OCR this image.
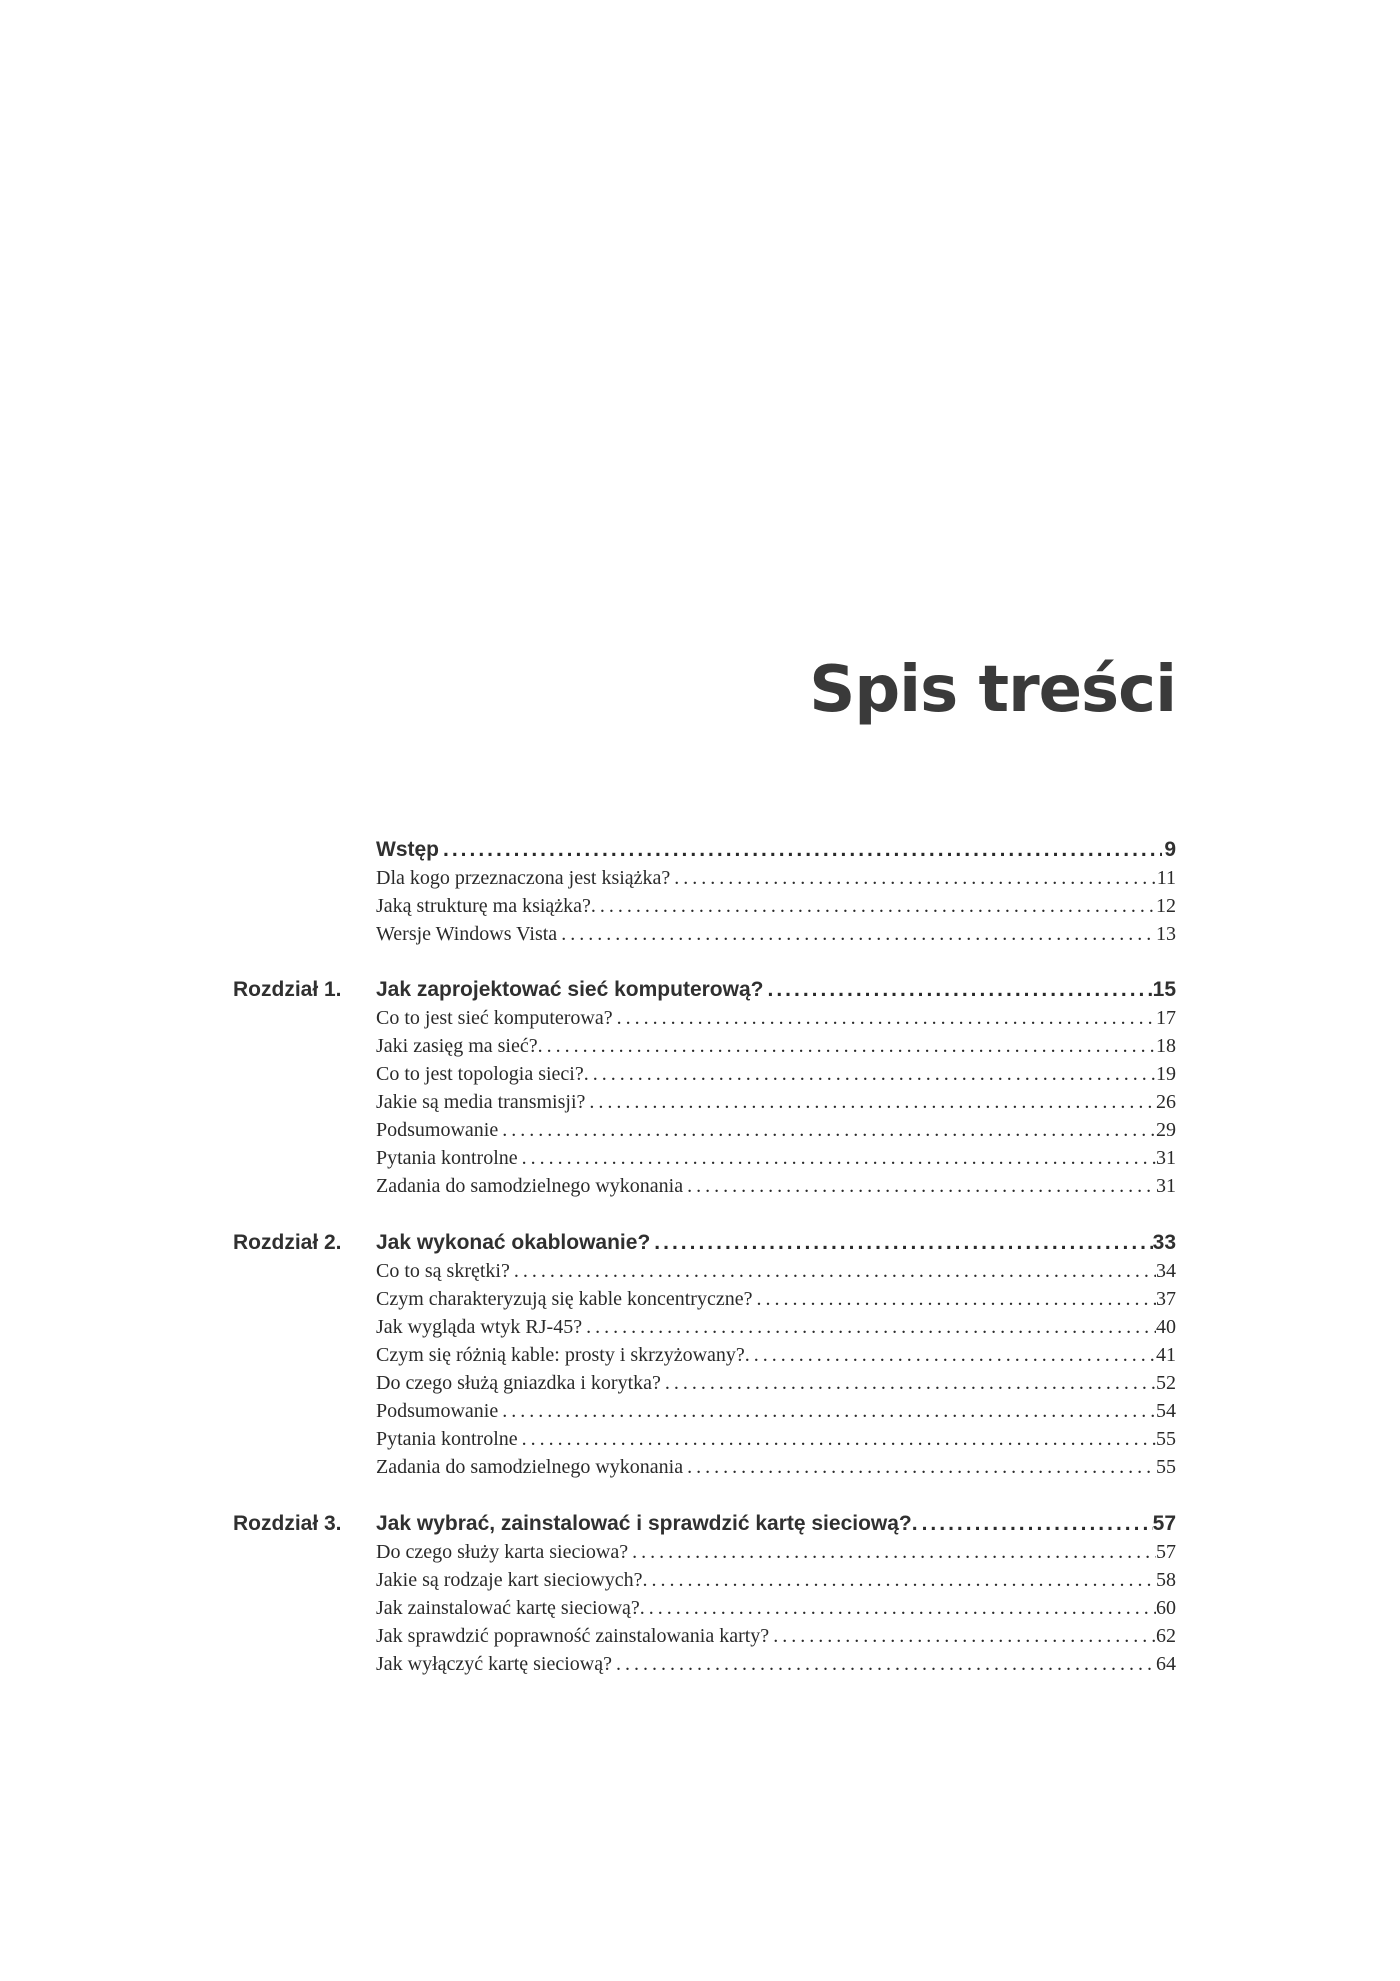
Spis treści
Wstęp .....	9
Dla kogo przeznaczona jest książka? .....	11
Jaką strukturę ma książka?. .....	12
Wersje Windows Vista .....	13
Rozdział 1. Jak zaprojektować sieć komputerową? .....	15
Co to jest sieć komputerowa? .....	17
Jaki zasięg ma sieć?. .....	18
Co to jest topologia sieci?. .....	19
Jakie są media transmisji? .....	26
Podsumowanie .....	29
Pytania kontrolne .....	31
Zadania do samodzielnego wykonania .....	31
Rozdział 2. Jak wykonać okablowanie? .....	33
Co to są skrętki? .....	34
Czym charakteryzują się kable koncentryczne? .....	37
Jak wygląda wtyk RJ-45? .....	40
Czym się różnią kable: prosty i skrzyżowany?. .....	41
Do czego służą gniazdka i korytka? .....	52
Podsumowanie .....	54
Pytania kontrolne .....	55
Zadania do samodzielnego wykonania .....	55
Rozdział 3. Jak wybrać, zainstalować i sprawdzić kartę sieciową?. .....	57
Do czego służy karta sieciowa? .....	57
Jakie są rodzaje kart sieciowych?. .....	58
Jak zainstalować kartę sieciową?. .....	60
Jak sprawdzić poprawność zainstalowania karty? .....	62
Jak wyłączyć kartę sieciową? .....	64
